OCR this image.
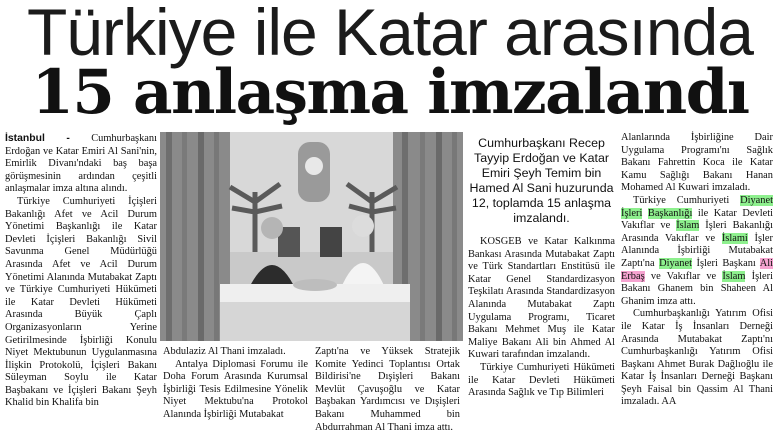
Türkiye ile Katar arasında
15 anlaşma imzalandı

İstanbul - Cumhurbaşkanı Erdoğan ve Katar Emiri Al Sani'nin, Emirlik Divanı'ndaki baş başa görüşmesinin ardından çeşitli anlaşmalar imza altına alındı.

Türkiye Cumhuriyeti İçişleri Bakanlığı Afet ve Acil Durum Yönetimi Başkanlığı ile Katar Devleti İçişleri Bakanlığı Sivil Savunma Genel Müdürlüğü Arasında Afet ve Acil Durum Yönetimi Alanında Mutabakat Zaptı ve Türkiye Cumhuriyeti Hükümeti ile Katar Devleti Hükümeti Arasında Büyük Çaplı Organizasyonların Yerine Getirilmesinde İşbirliği Konulu Niyet Mektubunun Uygulanmasına İlişkin Protokolü, İçişleri Bakanı Süleyman Soylu ile Katar Başbakanı ve İçişleri Bakanı Şeyh Khalid bin Khalifa bin

Cumhurbaşkanı Recep Tayyip Erdoğan ve Katar Emiri Şeyh Temim bin Hamed Al Sani huzurunda 12, toplamda 15 anlaşma imzalandı.

Abdulaziz Al Thani imzaladı.

Antalya Diplomasi Forumu ile Doha Forum Arasında Kurumsal İşbirliği Tesis Edilmesine Yönelik Niyet Mektubu'na Protokol Alanında İşbirliği Mutabakat

Zaptı'na ve Yüksek Stratejik Komite Yedinci Toplantısı Ortak Bildirisi'ne Dışişleri Bakanı Mevlüt Çavuşoğlu ve Katar Başbakan Yardımcısı ve Dışişleri Bakanı Muhammed bin Abdurrahman Al Thani imza attı.

KOSGEB ve Katar Kalkınma Bankası Arasında Mutabakat Zaptı ve Türk Standartları Enstitüsü ile Katar Genel Standardizasyon Teşkilatı Arasında Standardizasyon Alanında Mutabakat Zaptı Uygulama Programı, Ticaret Bakanı Mehmet Muş ile Katar Maliye Bakanı Ali bin Ahmed Al Kuwari tarafından imzalandı.

Türkiye Cumhuriyeti Hükümeti ile Katar Devleti Hükümeti Arasında Sağlık ve Tıp Bilimleri

Alanlarında İşbirliğine Dair Uygulama Programı'nı Sağlık Bakanı Fahrettin Koca ile Katar Kamu Sağlığı Bakanı Hanan Mohamed Al Kuwari imzaladı.

Türkiye Cumhuriyeti Diyanet İşleri Başkanlığı ile Katar Devleti Vakıflar ve İslam İşleri Bakanlığı Arasında Vakıflar ve İslami İşler Alanında İşbirliği Mutabakat Zaptı'na Diyanet İşleri Başkanı Ali Erbaş ve Vakıflar ve İslam İşleri Bakanı Ghanem bin Shaheen Al Ghanim imza attı.

Cumhurbaşkanlığı Yatırım Ofisi ile Katar İş İnsanları Derneği Arasında Mutabakat Zaptı'nı Cumhurbaşkanlığı Yatırım Ofisi Başkanı Ahmet Burak Dağlıoğlu ile Katar İş İnsanları Derneği Başkanı Şeyh Faisal bin Qassim Al Thani imzaladı. AA
